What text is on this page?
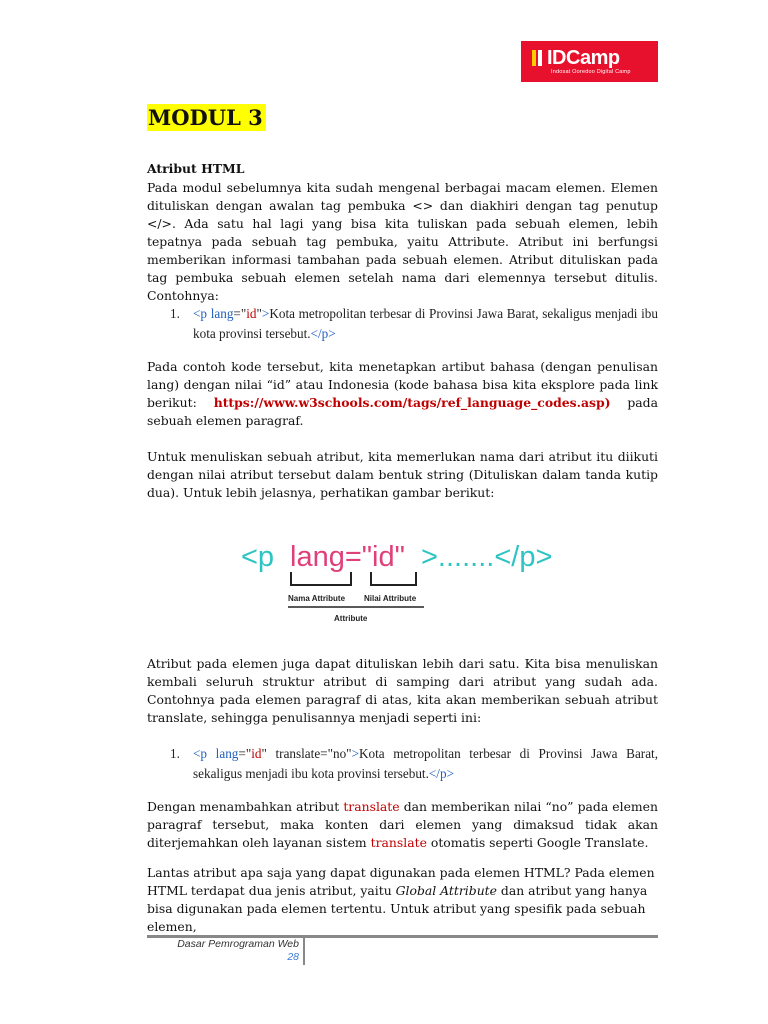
IDCamp
Indosat Ooredoo Digital Camp
MODUL 3

Atribut HTML

Pada modul sebelumnya kita sudah mengenal berbagai macam elemen. Elemen dituliskan dengan awalan tag pembuka <> dan diakhiri dengan tag penutup </>. Ada satu hal lagi yang bisa kita tuliskan pada sebuah elemen, lebih tepatnya pada sebuah tag pembuka, yaitu Attribute. Atribut ini berfungsi memberikan informasi tambahan pada sebuah elemen. Atribut dituliskan pada tag pembuka sebuah elemen setelah nama dari elemennya tersebut ditulis. Contohnya:

1. <p lang="id">Kota metropolitan terbesar di Provinsi Jawa Barat, sekaligus menjadi ibu kota provinsi tersebut.</p>

Pada contoh kode tersebut, kita menetapkan artibut bahasa (dengan penulisan lang) dengan nilai “id” atau Indonesia (kode bahasa bisa kita eksplore pada link berikut: https://www.w3schools.com/tags/ref_language_codes.asp) pada sebuah elemen paragraf.

Untuk menuliskan sebuah atribut, kita memerlukan nama dari atribut itu diikuti dengan nilai atribut tersebut dalam bentuk string (Dituliskan dalam tanda kutip dua). Untuk lebih jelasnya, perhatikan gambar berikut:

<p lang="id" >.......</p>
Nama Attribute Nilai Attribute
Attribute

Atribut pada elemen juga dapat dituliskan lebih dari satu. Kita bisa menuliskan kembali seluruh struktur atribut di samping dari atribut yang sudah ada. Contohnya pada elemen paragraf di atas, kita akan memberikan sebuah atribut translate, sehingga penulisannya menjadi seperti ini:

1. <p lang="id" translate="no">Kota metropolitan terbesar di Provinsi Jawa Barat, sekaligus menjadi ibu kota provinsi tersebut.</p>

Dengan menambahkan atribut translate dan memberikan nilai “no” pada elemen paragraf tersebut, maka konten dari elemen yang dimaksud tidak akan diterjemahkan oleh layanan sistem translate otomatis seperti Google Translate.

Lantas atribut apa saja yang dapat digunakan pada elemen HTML? Pada elemen HTML terdapat dua jenis atribut, yaitu Global Attribute dan atribut yang hanya bisa digunakan pada elemen tertentu. Untuk atribut yang spesifik pada sebuah elemen,

Dasar Pemrograman Web
28
